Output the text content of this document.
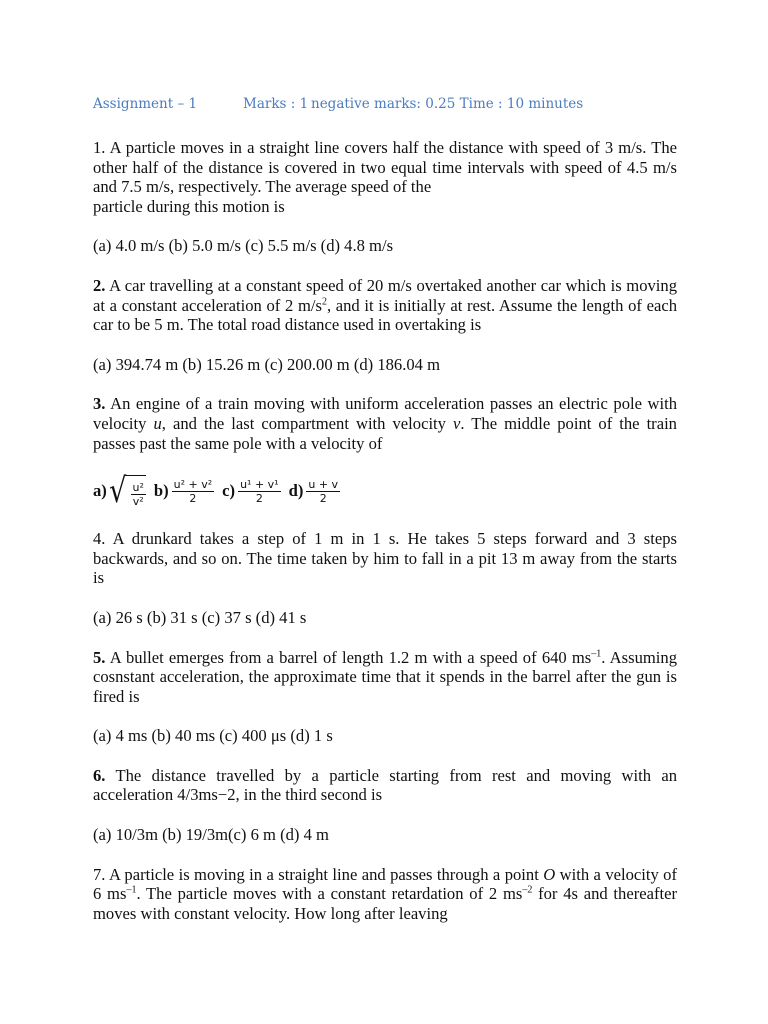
Assignment – 1	Marks : 1 negative marks: 0.25 Time : 10 minutes

1. A particle moves in a straight line covers half the distance with speed of 3 m/s. The other half of the distance is covered in two equal time intervals with speed of 4.5 m/s and 7.5 m/s, respectively. The average speed of the
particle during this motion is

(a) 4.0 m/s (b) 5.0 m/s (c) 5.5 m/s (d) 4.8 m/s

2. A car travelling at a constant speed of 20 m/s overtaked another car which is moving at a constant acceleration of 2 $m/s^2$, and it is initially at rest. Assume the length of each car to be 5 m. The total road distance used in overtaking is

(a) 394.74 m (b) 15.26 m (c) 200.00 m (d) 186.04 m

3. An engine of a train moving with uniform acceleration passes an electric pole with velocity u, and the last compartment with velocity v. The middle point of the train passes past the same pole with a velocity of

a) √ $\frac{\text{u²}}{\text{v²}} b) \frac{\text{u² + v²}}{2} c) \frac{\text{u¹ + v¹}}{2} d) \frac{u + v}{2}$

4. A drunkard takes a step of 1 m in 1 s. He takes 5 steps forward and 3 steps backwards, and so on. The time taken by him to fall in a pit 13 m away from the starts is

(a) 26 s (b) 31 s (c) 37 s (d) 41 s

5. A bullet emerges from a barrel of length 1.2 m with a speed of 640 $ms^{-1}$. Assuming cosnstant acceleration, the approximate time that it spends in the barrel after the gun is fired is

(a) 4 ms (b) 40 ms (c) 400 μs (d) 1 s

6. The distance travelled by a particle starting from rest and moving with an acceleration 4/3ms−2, in the third second is

(a) 10/3m (b) 19/3m(c) 6 m (d) 4 m

7. A particle is moving in a straight line and passes through a point O with a velocity of 6 $ms^{-1}$. The particle moves with a constant retardation of 2 $ms^{-2}$ for 4s and thereafter moves with constant velocity. How long after leaving
